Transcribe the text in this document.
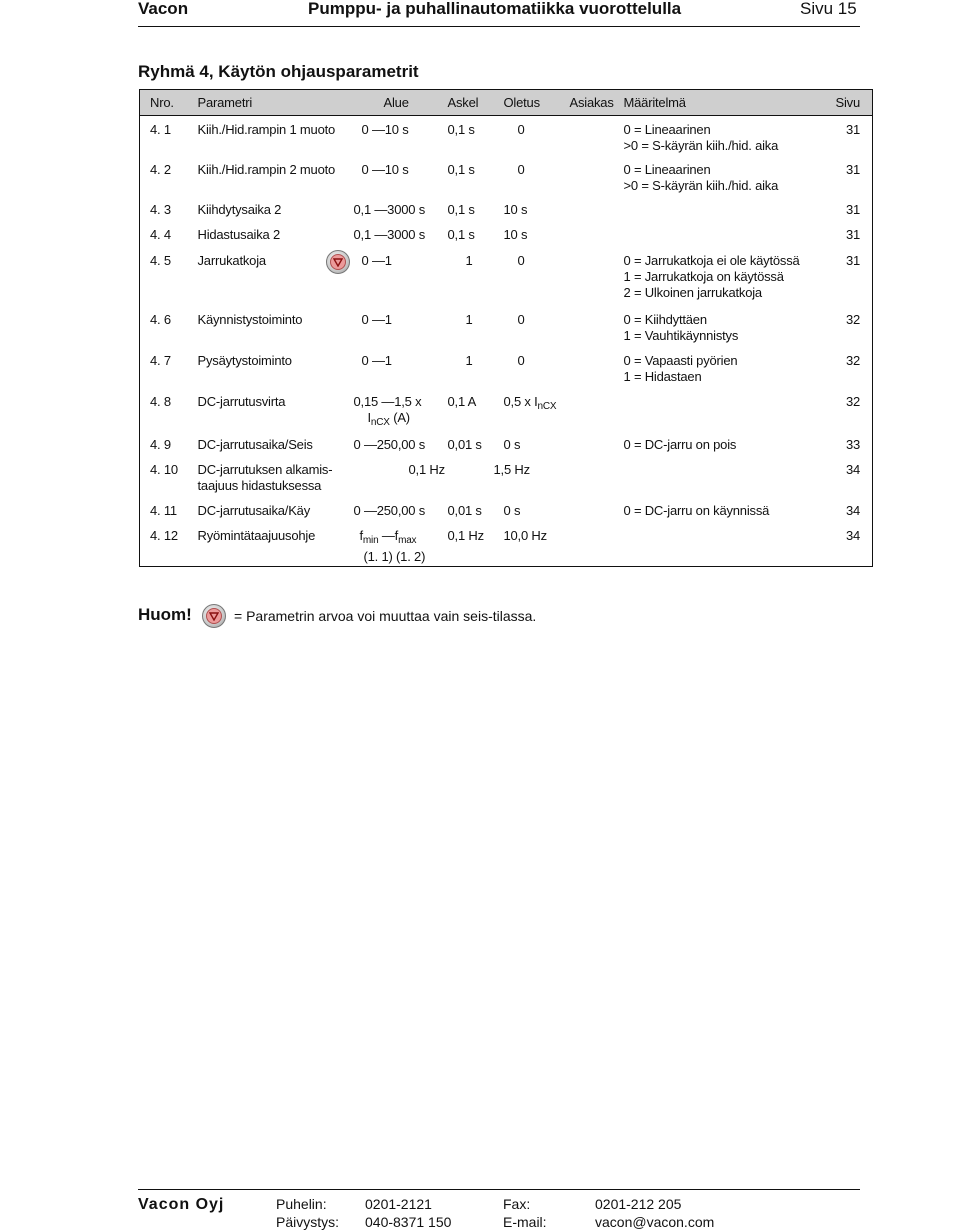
Vacon	Pumppu- ja puhallinautomatiikka vuorottelulla	Sivu 15
Ryhmä 4, Käytön ohjausparametrit
Nro.	Parametri	Alue	Askel	Oletus	Asiakas	Määritelmä	Sivu
4. 1	Kiih./Hid.rampin 1 muoto	0 —10 s	0,1 s	0		0 = Lineaarinen
>0 = S-käyrän kiih./hid. aika	31
4. 2	Kiih./Hid.rampin 2 muoto	0 —10 s	0,1 s	0		0 = Lineaarinen
>0 = S-käyrän kiih./hid. aika	31
4. 3	Kiihdytysaika 2	0,1 —3000 s	0,1 s	10 s			31
4. 4	Hidastusaika 2	0,1 —3000 s	0,1 s	10 s			31
4. 5	Jarrukatkoja	0 —1	1	0		0 = Jarrukatkoja ei ole käytössä
1 = Jarrukatkoja on käytössä
2 = Ulkoinen jarrukatkoja	31
4. 6	Käynnistystoiminto	0 —1	1	0		0 = Kiihdyttäen
1 = Vauhtikäynnistys	32
4. 7	Pysäytystoiminto	0 —1	1	0		0 = Vapaasti pyörien
1 = Hidastaen	32
4. 8	DC-jarrutusvirta	0,15 —1,5 x
$I_{nCX}$ (A)	0,1 A	0,5 x $I_{nCX}$			32
4. 9	DC-jarrutusaika/Seis	0 —250,00 s	0,01 s	0 s		0 = DC-jarru on pois	33
4. 10	DC-jarrutuksen alkamis-
taajuus hidastuksessa		0,1 Hz	1,5 Hz			34
4. 11	DC-jarrutusaika/Käy	0 —250,00 s	0,01 s	0 s		0 = DC-jarru on käynnissä	34
4. 12	Ryömintätaajuusohje	$f_{min}$ $—f_{max}$
(1. 1) (1. 2)	0,1 Hz	10,0 Hz			34
Huom!	= Parametrin arvoa voi muuttaa vain seis-tilassa.
Vacon Oyj	Puhelin:	0201-2121	Fax:	0201-212 205
Päivystys: 040-8371 150	E-mail:	vacon@vacon.com
